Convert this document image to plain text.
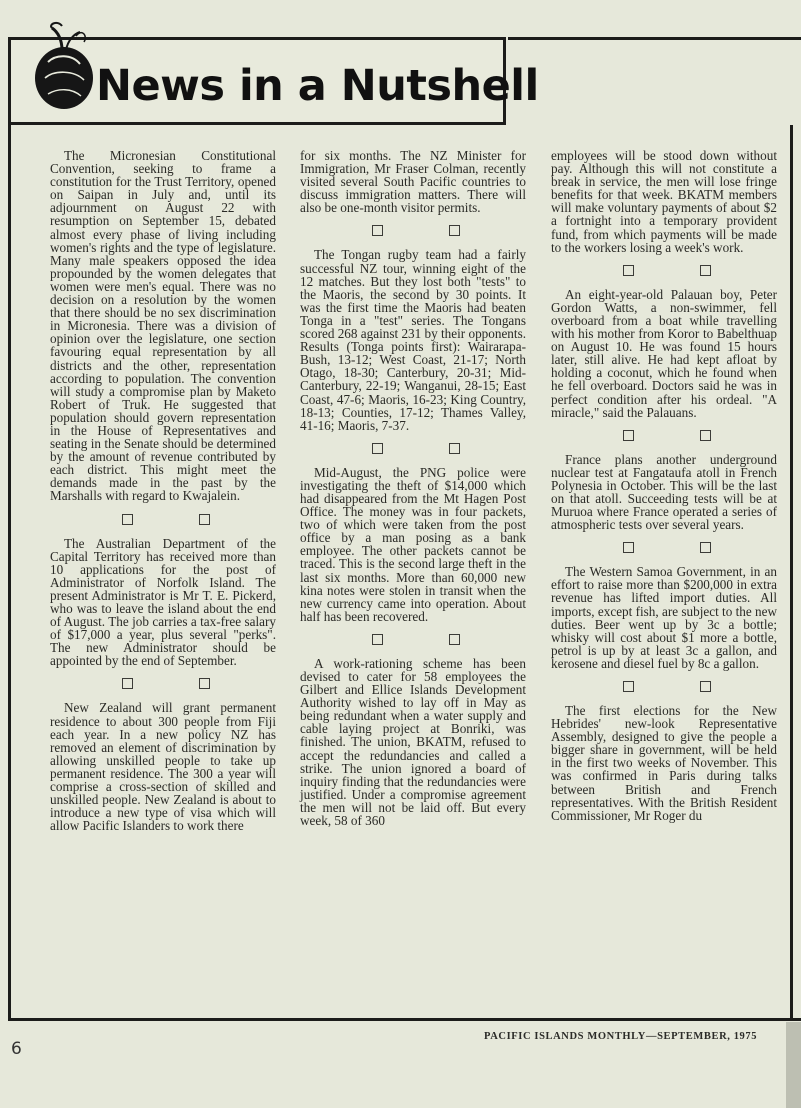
News in a Nutshell

The Micronesian Constitutional Convention, seeking to frame a constitution for the Trust Territory, opened on Saipan in July and, until its adjournment on August 22 with resumption on September 15, debated almost every phase of living including women's rights and the type of legislature. Many male speakers opposed the idea propounded by the women delegates that women were men's equal. There was no decision on a resolution by the women that there should be no sex discrimination in Micronesia. There was a division of opinion over the legislature, one section favouring equal representation by all districts and the other, representation according to population. The convention will study a compromise plan by Maketo Robert of Truk. He suggested that population should govern representation in the House of Representatives and seating in the Senate should be determined by the amount of revenue contributed by each district. This might meet the demands made in the past by the Marshalls with regard to Kwajalein.

The Australian Department of the Capital Territory has received more than 10 applications for the post of Administrator of Norfolk Island. The present Administrator is Mr T. E. Pickerd, who was to leave the island about the end of August. The job carries a tax-free salary of $17,000 a year, plus several "perks". The new Administrator should be appointed by the end of September.

New Zealand will grant permanent residence to about 300 people from Fiji each year. In a new policy NZ has removed an element of discrimination by allowing unskilled people to take up permanent residence. The 300 a year will comprise a cross-section of skilled and unskilled people. New Zealand is about to introduce a new type of visa which will allow Pacific Islanders to work there

for six months. The NZ Minister for Immigration, Mr Fraser Colman, recently visited several South Pacific countries to discuss immigration matters. There will also be one-month visitor permits.

The Tongan rugby team had a fairly successful NZ tour, winning eight of the 12 matches. But they lost both "tests" to the Maoris, the second by 30 points. It was the first time the Maoris had beaten Tonga in a "test" series. The Tongans scored 268 against 231 by their opponents. Results (Tonga points first): Wairarapa-Bush, 13-12; West Coast, 21-17; North Otago, 18-30; Canterbury, 20-31; Mid-Canterbury, 22-19; Wanganui, 28-15; East Coast, 47-6; Maoris, 16-23; King Country, 18-13; Counties, 17-12; Thames Valley, 41-16; Maoris, 7-37.

Mid-August, the PNG police were investigating the theft of $14,000 which had disappeared from the Mt Hagen Post Office. The money was in four packets, two of which were taken from the post office by a man posing as a bank employee. The other packets cannot be traced. This is the second large theft in the last six months. More than 60,000 new kina notes were stolen in transit when the new currency came into operation. About half has been recovered.

A work-rationing scheme has been devised to cater for 58 employees the Gilbert and Ellice Islands Development Authority wished to lay off in May as being redundant when a water supply and cable laying project at Bonriki, was finished. The union, BKATM, refused to accept the redundancies and called a strike. The union ignored a board of inquiry finding that the redundancies were justified. Under a compromise agreement the men will not be laid off. But every week, 58 of 360

employees will be stood down without pay. Although this will not constitute a break in service, the men will lose fringe benefits for that week. BKATM members will make voluntary payments of about $2 a fortnight into a temporary provident fund, from which payments will be made to the workers losing a week's work.

An eight-year-old Palauan boy, Peter Gordon Watts, a non-swimmer, fell overboard from a boat while travelling with his mother from Koror to Babelthuap on August 10. He was found 15 hours later, still alive. He had kept afloat by holding a coconut, which he found when he fell overboard. Doctors said he was in perfect condition after his ordeal. "A miracle," said the Palauans.

France plans another underground nuclear test at Fangataufa atoll in French Polynesia in October. This will be the last on that atoll. Succeeding tests will be at Muruoa where France operated a series of atmospheric tests over several years.

The Western Samoa Government, in an effort to raise more than $200,000 in extra revenue has lifted import duties. All imports, except fish, are subject to the new duties. Beer went up by 3c a bottle; whisky will cost about $1 more a bottle, petrol is up by at least 3c a gallon, and kerosene and diesel fuel by 8c a gallon.

The first elections for the New Hebrides' new-look Representative Assembly, designed to give the people a bigger share in government, will be held in the first two weeks of November. This was confirmed in Paris during talks between British and French representatives. With the British Resident Commissioner, Mr Roger du

PACIFIC ISLANDS MONTHLY—SEPTEMBER, 1975

6
